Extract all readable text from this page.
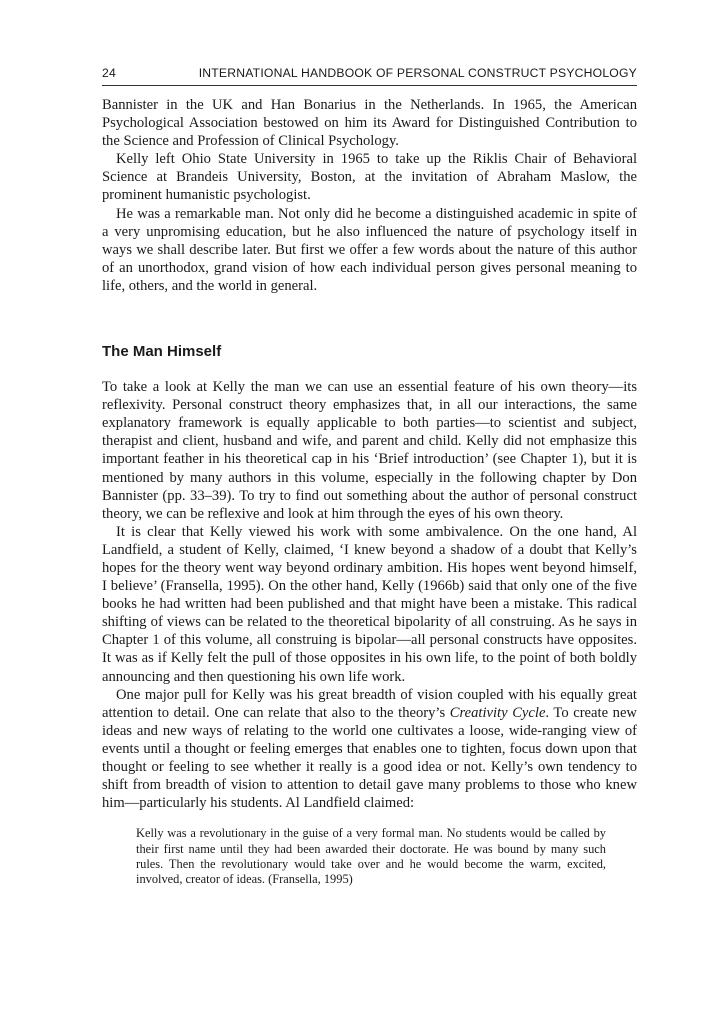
24	INTERNATIONAL HANDBOOK OF PERSONAL CONSTRUCT PSYCHOLOGY

Bannister in the UK and Han Bonarius in the Netherlands. In 1965, the American Psychological Association bestowed on him its Award for Distinguished Contribution to the Science and Profession of Clinical Psychology.

Kelly left Ohio State University in 1965 to take up the Riklis Chair of Behavioral Science at Brandeis University, Boston, at the invitation of Abraham Maslow, the prominent humanistic psychologist.

He was a remarkable man. Not only did he become a distinguished academic in spite of a very unpromising education, but he also influenced the nature of psychology itself in ways we shall describe later. But first we offer a few words about the nature of this author of an unorthodox, grand vision of how each individual person gives personal meaning to life, others, and the world in general.

The Man Himself

To take a look at Kelly the man we can use an essential feature of his own theory—its reflexivity. Personal construct theory emphasizes that, in all our interactions, the same explanatory framework is equally applicable to both parties—to scientist and subject, therapist and client, husband and wife, and parent and child. Kelly did not emphasize this important feather in his theoretical cap in his ‘Brief introduction’ (see Chapter 1), but it is mentioned by many authors in this volume, especially in the following chapter by Don Bannister (pp. 33–39). To try to find out something about the author of personal construct theory, we can be reflexive and look at him through the eyes of his own theory.

It is clear that Kelly viewed his work with some ambivalence. On the one hand, Al Landfield, a student of Kelly, claimed, ‘I knew beyond a shadow of a doubt that Kelly’s hopes for the theory went way beyond ordinary ambition. His hopes went beyond himself, I believe’ (Fransella, 1995). On the other hand, Kelly (1966b) said that only one of the five books he had written had been published and that might have been a mistake. This radical shifting of views can be related to the theoretical bipolarity of all construing. As he says in Chapter 1 of this volume, all construing is bipolar—all personal constructs have opposites. It was as if Kelly felt the pull of those opposites in his own life, to the point of both boldly announcing and then questioning his own life work.

One major pull for Kelly was his great breadth of vision coupled with his equally great attention to detail. One can relate that also to the theory’s Creativity Cycle. To create new ideas and new ways of relating to the world one cultivates a loose, wide-ranging view of events until a thought or feeling emerges that enables one to tighten, focus down upon that thought or feeling to see whether it really is a good idea or not. Kelly’s own tendency to shift from breadth of vision to attention to detail gave many problems to those who knew him—particularly his students. Al Landfield claimed:

Kelly was a revolutionary in the guise of a very formal man. No students would be called by their first name until they had been awarded their doctorate. He was bound by many such rules. Then the revolutionary would take over and he would become the warm, excited, involved, creator of ideas. (Fransella, 1995)
